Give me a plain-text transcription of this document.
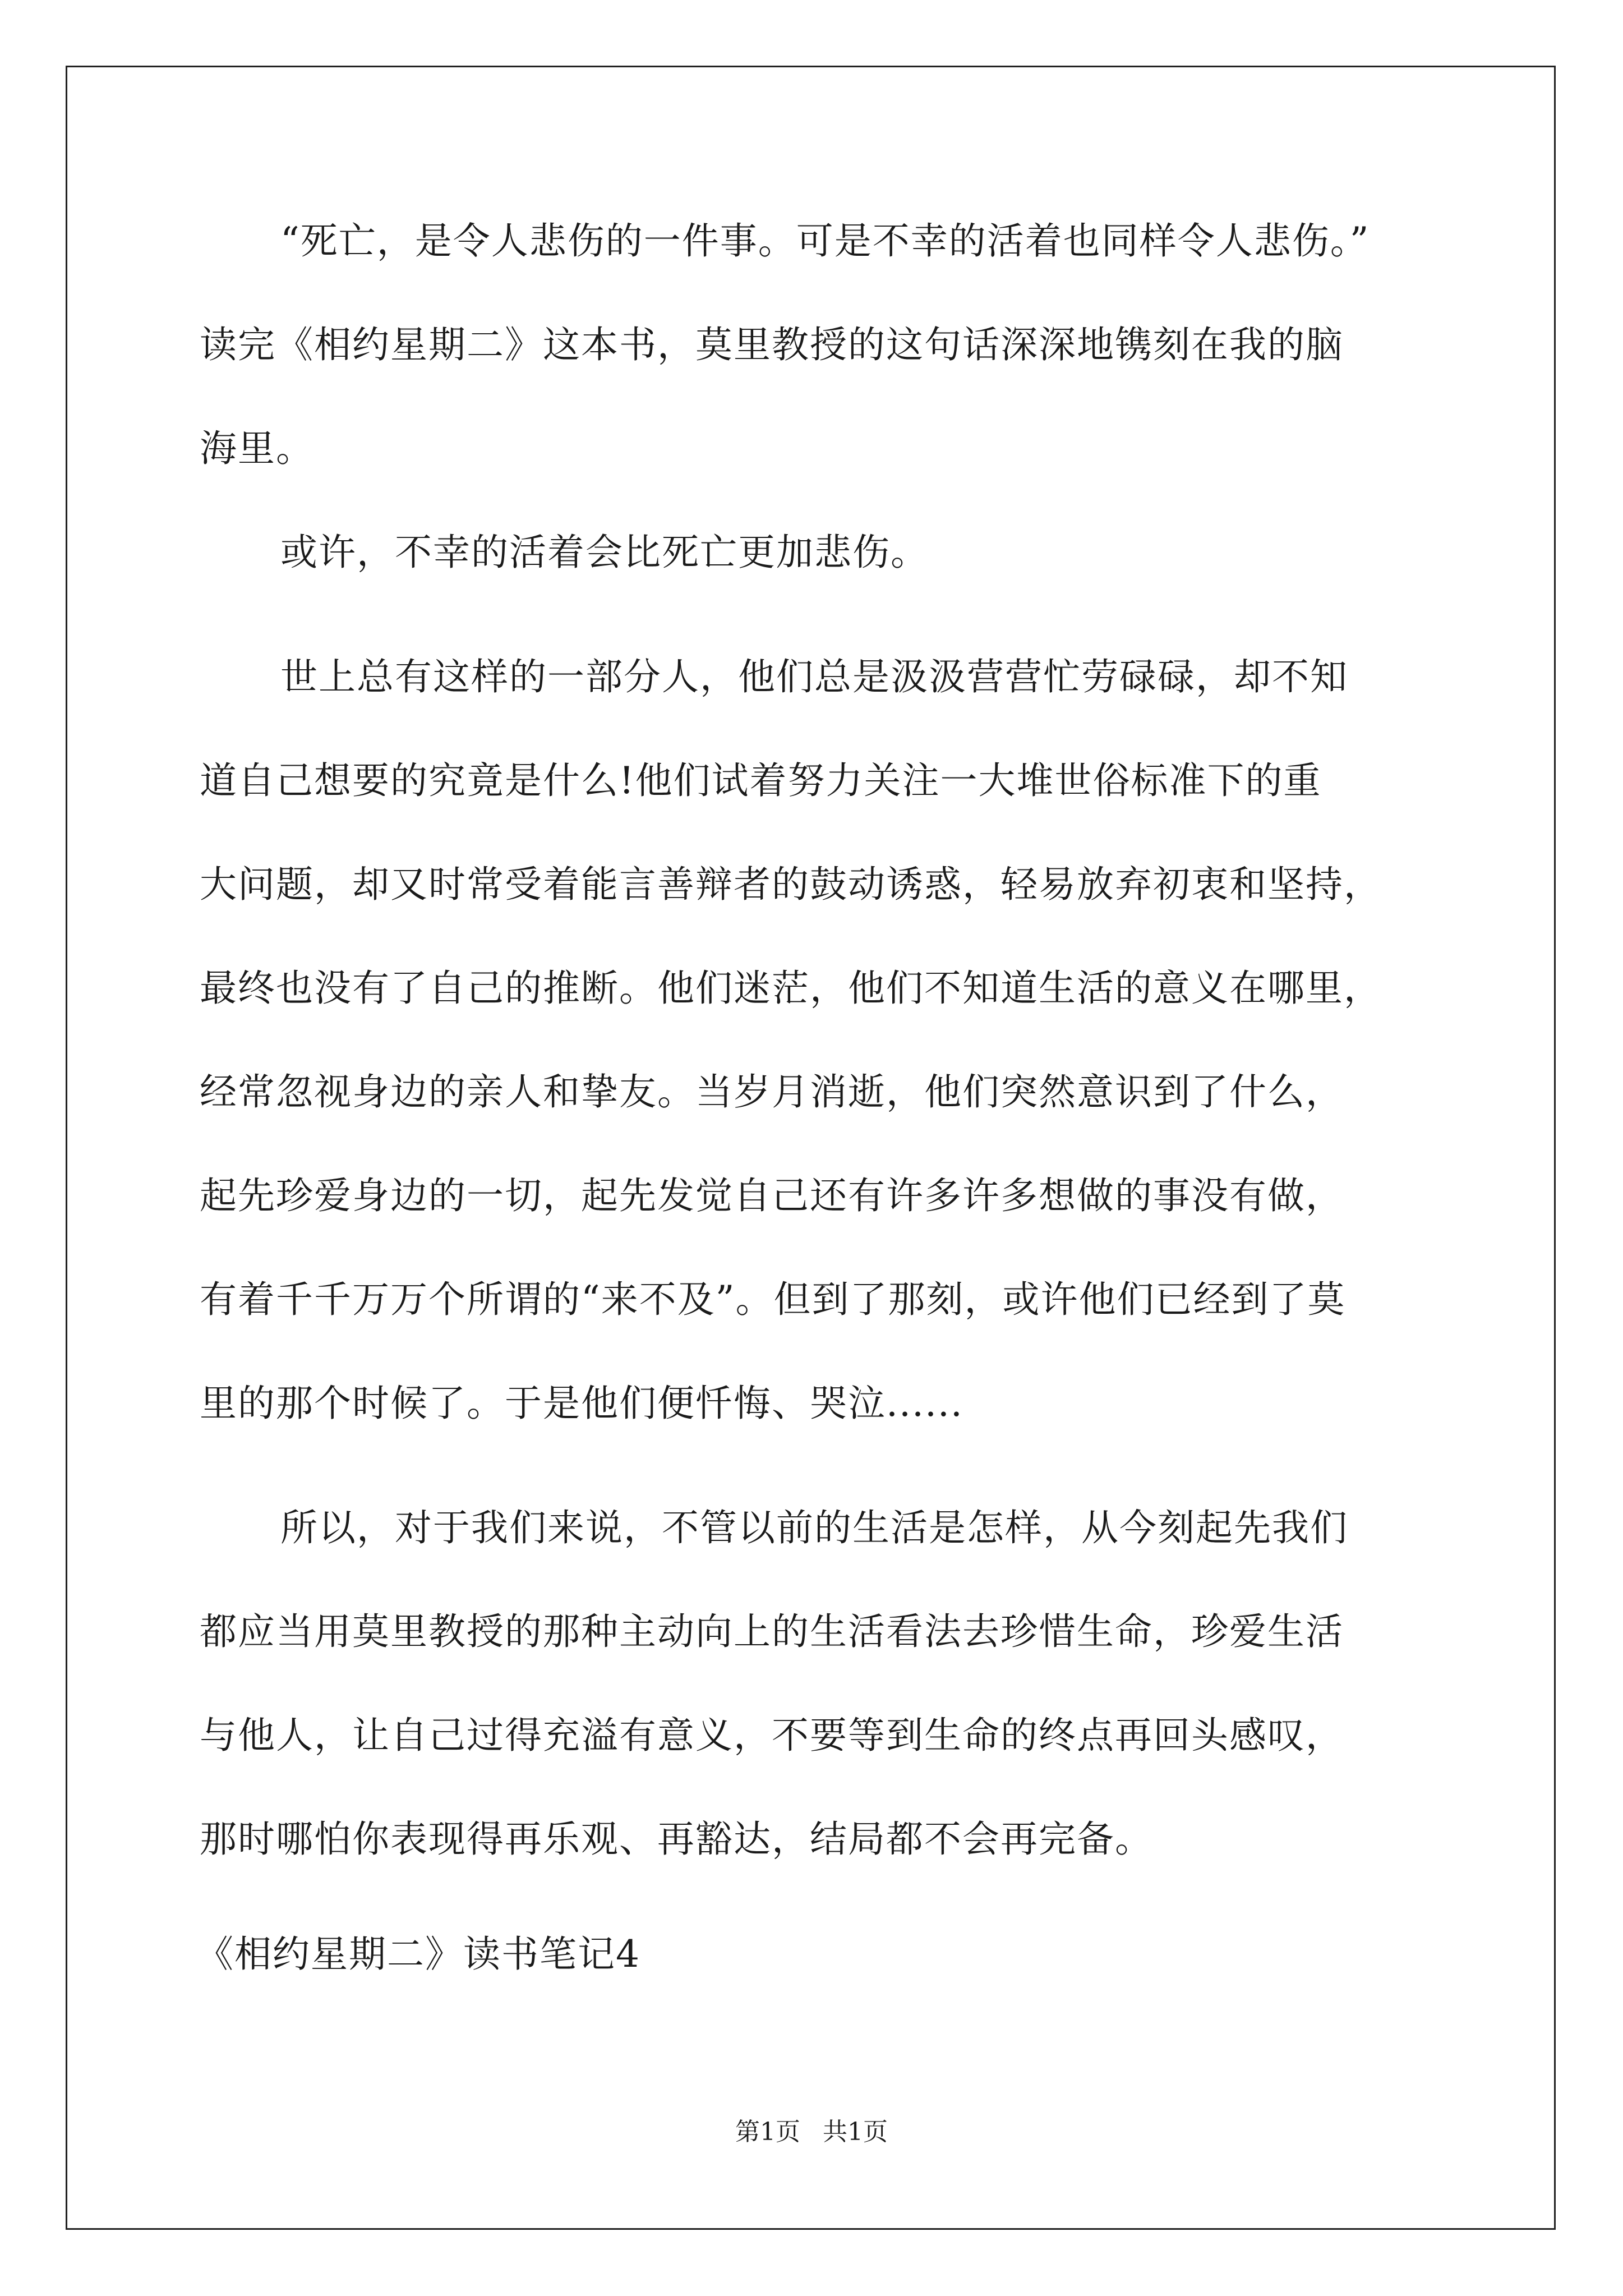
“死亡，是令人悲伤的一件事。可是不幸的活着也同样令人悲伤。”
读完《相约星期二》这本书，莫里教授的这句话深深地镌刻在我的脑
海里。
或许，不幸的活着会比死亡更加悲伤。
世上总有这样的一部分人，他们总是汲汲营营忙劳碌碌，却不知
道自己想要的究竟是什么!他们试着努力关注一大堆世俗标准下的重
大问题，却又时常受着能言善辩者的鼓动诱惑，轻易放弃初衷和坚持，
最终也没有了自己的推断。他们迷茫，他们不知道生活的意义在哪里，
经常忽视身边的亲人和挚友。当岁月消逝，他们突然意识到了什么，
起先珍爱身边的一切，起先发觉自己还有许多许多想做的事没有做，
有着千千万万个所谓的“来不及”。但到了那刻，或许他们已经到了莫
里的那个时候了。于是他们便忏悔、哭泣......
所以，对于我们来说，不管以前的生活是怎样，从今刻起先我们
都应当用莫里教授的那种主动向上的生活看法去珍惜生命，珍爱生活
与他人，让自己过得充溢有意义，不要等到生命的终点再回头感叹，
那时哪怕你表现得再乐观、再豁达，结局都不会再完备。
《相约星期二》读书笔记4
第1页 共1页
